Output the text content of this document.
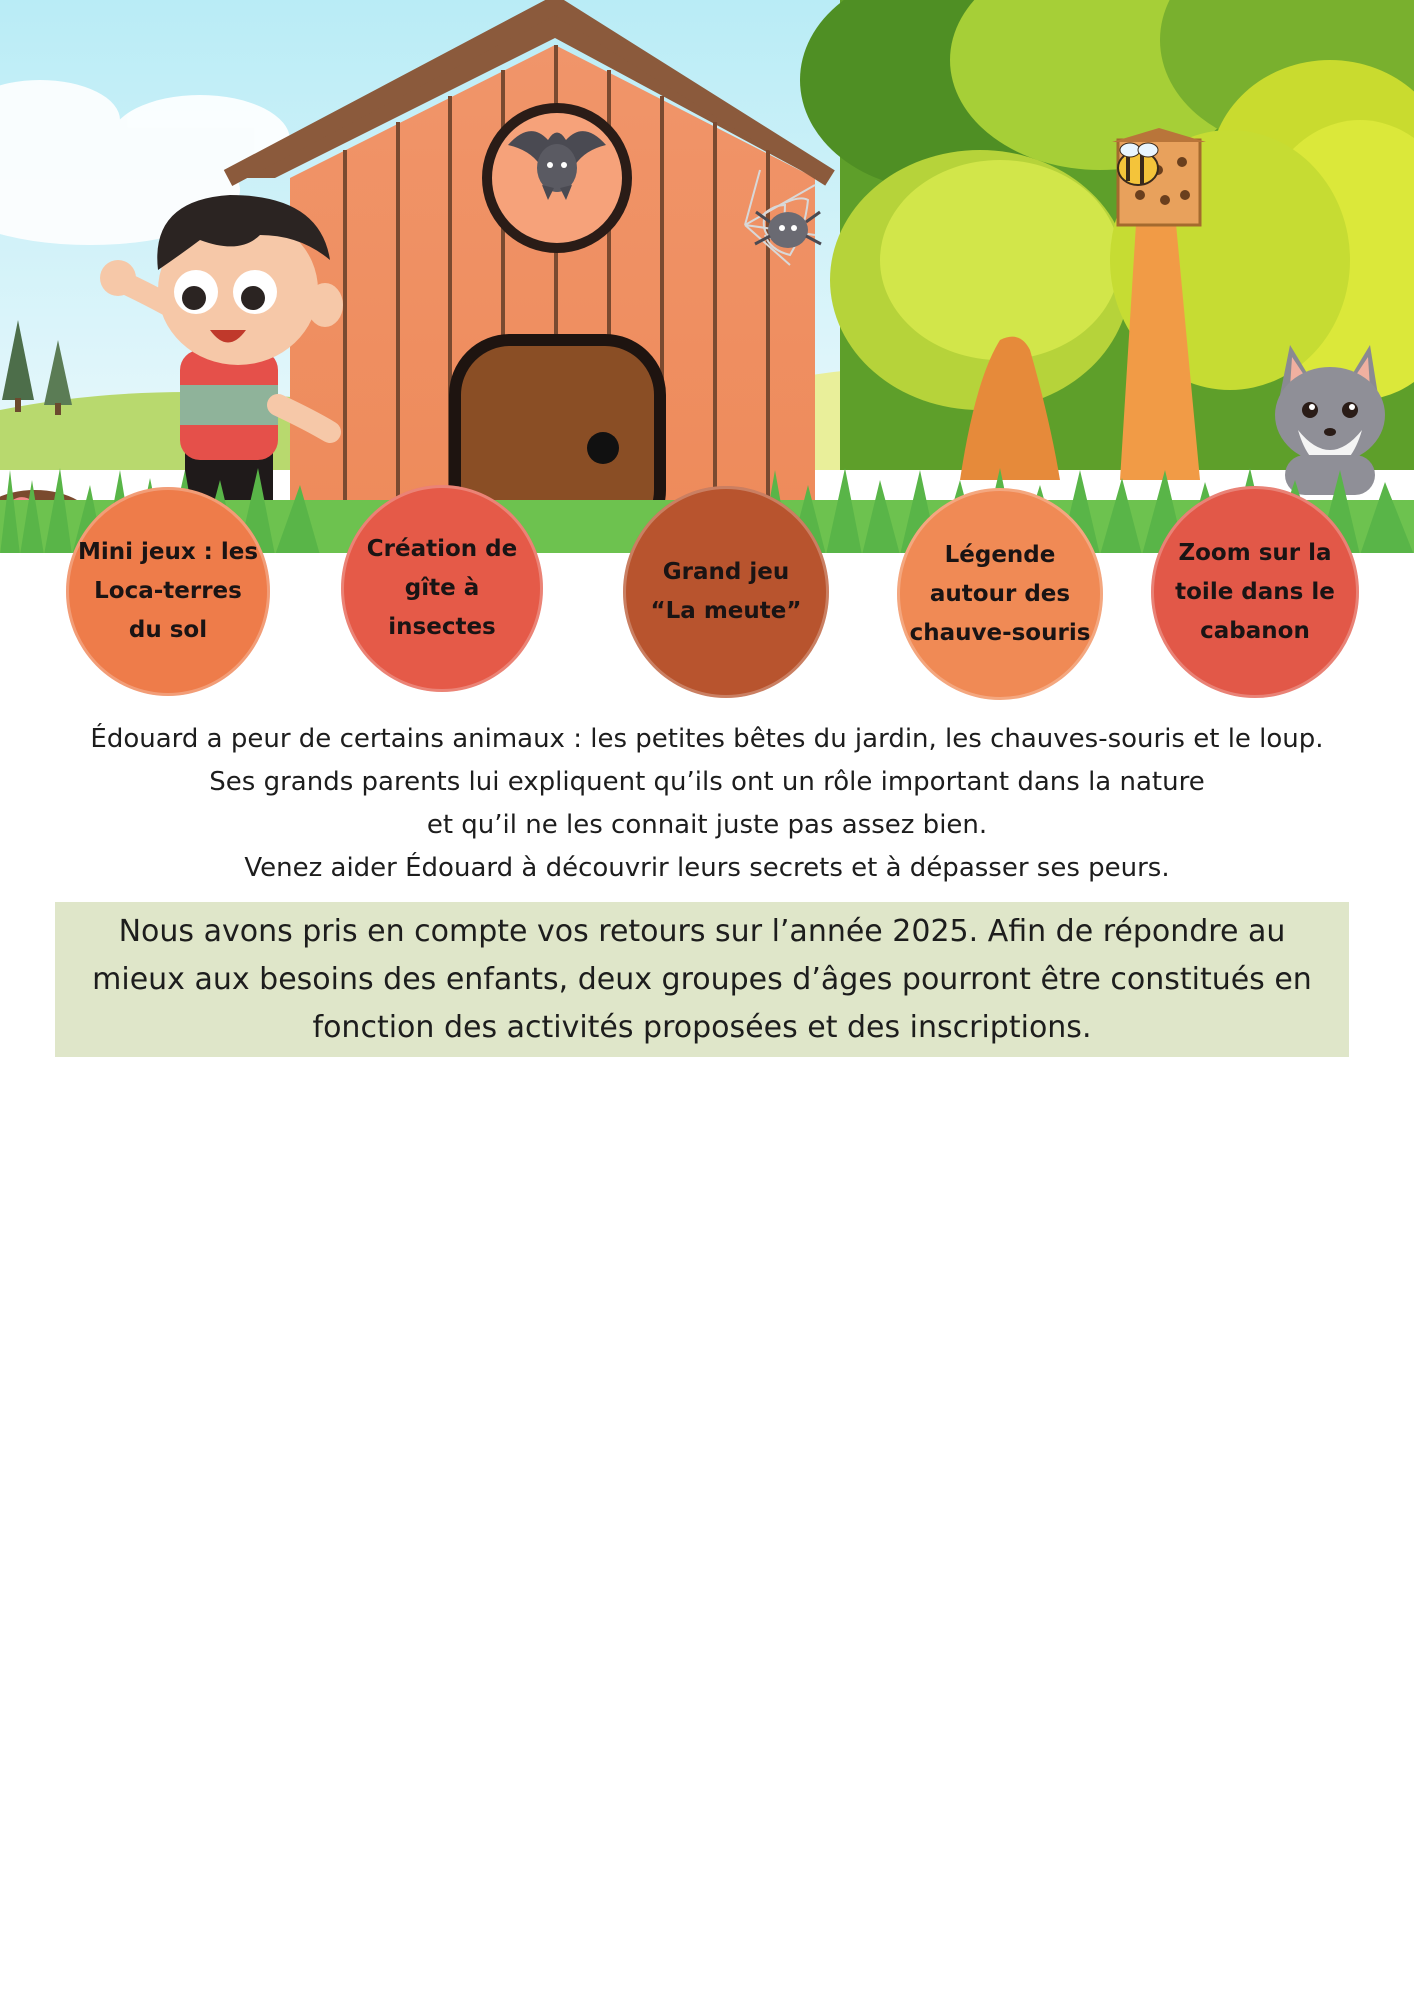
Mini jeux : les
Loca-terres
du sol
Création de
gîte à
insectes
Grand jeu
“La meute”
Légende
autour des
chauve-souris
Zoom sur la
toile dans le
cabanon
Édouard a peur de certains animaux : les petites bêtes du jardin, les chauves-souris et le loup.
Ses grands parents lui expliquent qu’ils ont un rôle important dans la nature
et qu’il ne les connait juste pas assez bien.
Venez aider Édouard à découvrir leurs secrets et à dépasser ses peurs.
Nous avons pris en compte vos retours sur l’année 2025. Afin de répondre au
mieux aux besoins des enfants, deux groupes d’âges pourront être constitués en
fonction des activités proposées et des inscriptions.
